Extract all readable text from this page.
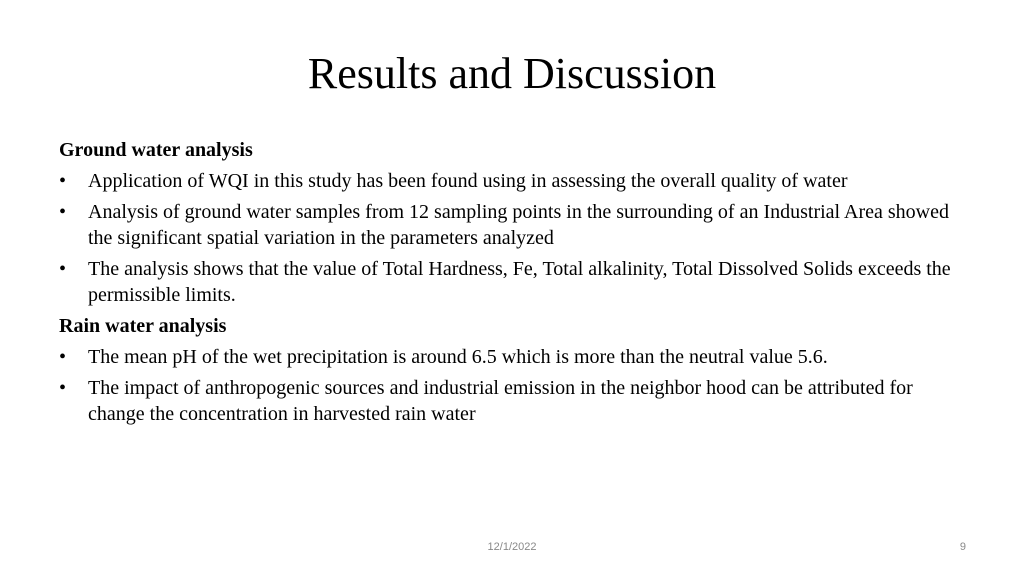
Results and Discussion
Ground water analysis
•	Application of WQI in this study has been found using in assessing the overall quality of water
•	Analysis of ground water samples from 12 sampling points in the surrounding of an Industrial Area showed the significant spatial variation in the parameters analyzed
•	The analysis shows that the value of Total Hardness, Fe, Total alkalinity, Total Dissolved Solids exceeds the permissible limits.
Rain water analysis
•	The mean pH of the wet precipitation is around 6.5 which is more than the neutral value 5.6.
•	The impact of anthropogenic sources and industrial emission in the neighbor hood can be attributed for change the concentration in harvested rain water
12/1/2022	9
